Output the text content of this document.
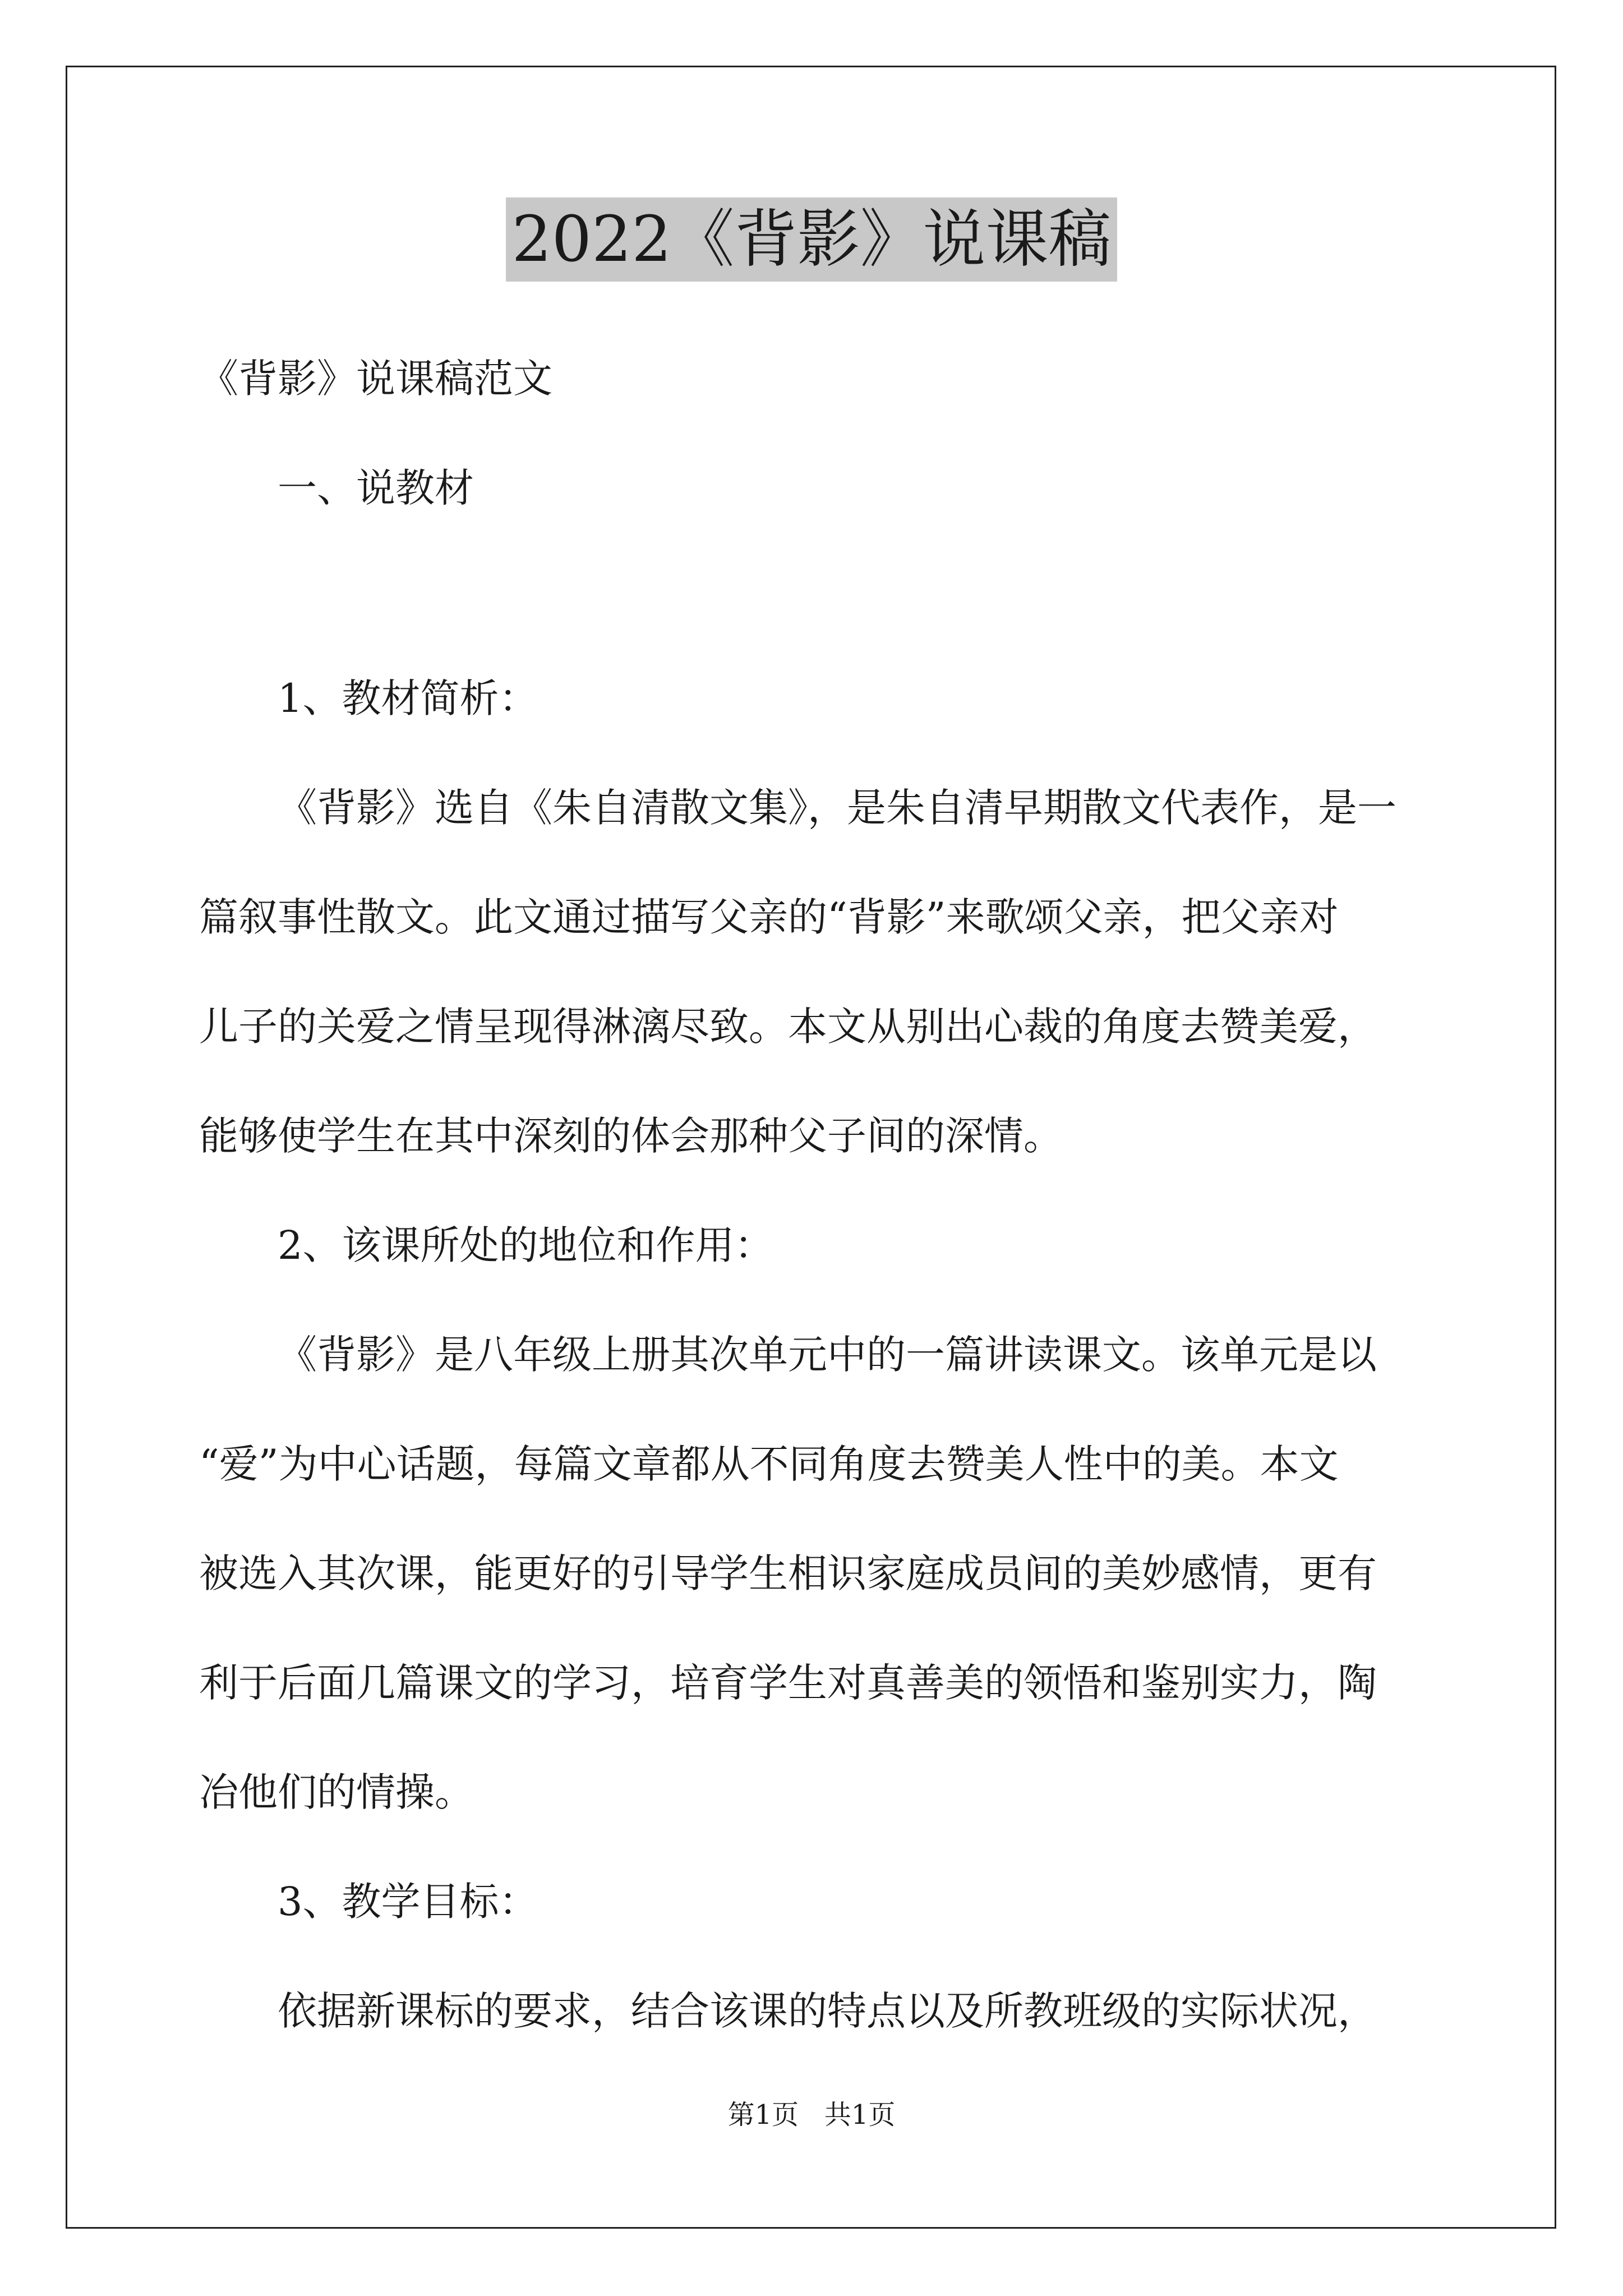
2022《背影》说课稿

《背影》说课稿范文

一、说教材

1、教材简析：

《背影》选自《朱自清散文集》，是朱自清早期散文代表作，是一

篇叙事性散文。此文通过描写父亲的“背影”来歌颂父亲，把父亲对

儿子的关爱之情呈现得淋漓尽致。本文从别出心裁的角度去赞美爱，

能够使学生在其中深刻的体会那种父子间的深情。

2、该课所处的地位和作用：

《背影》是八年级上册其次单元中的一篇讲读课文。该单元是以

“爱”为中心话题，每篇文章都从不同角度去赞美人性中的美。本文

被选入其次课，能更好的引导学生相识家庭成员间的美妙感情，更有

利于后面几篇课文的学习，培育学生对真善美的领悟和鉴别实力，陶

冶他们的情操。

3、教学目标：

依据新课标的要求，结合该课的特点以及所教班级的实际状况，

第1页   共1页
